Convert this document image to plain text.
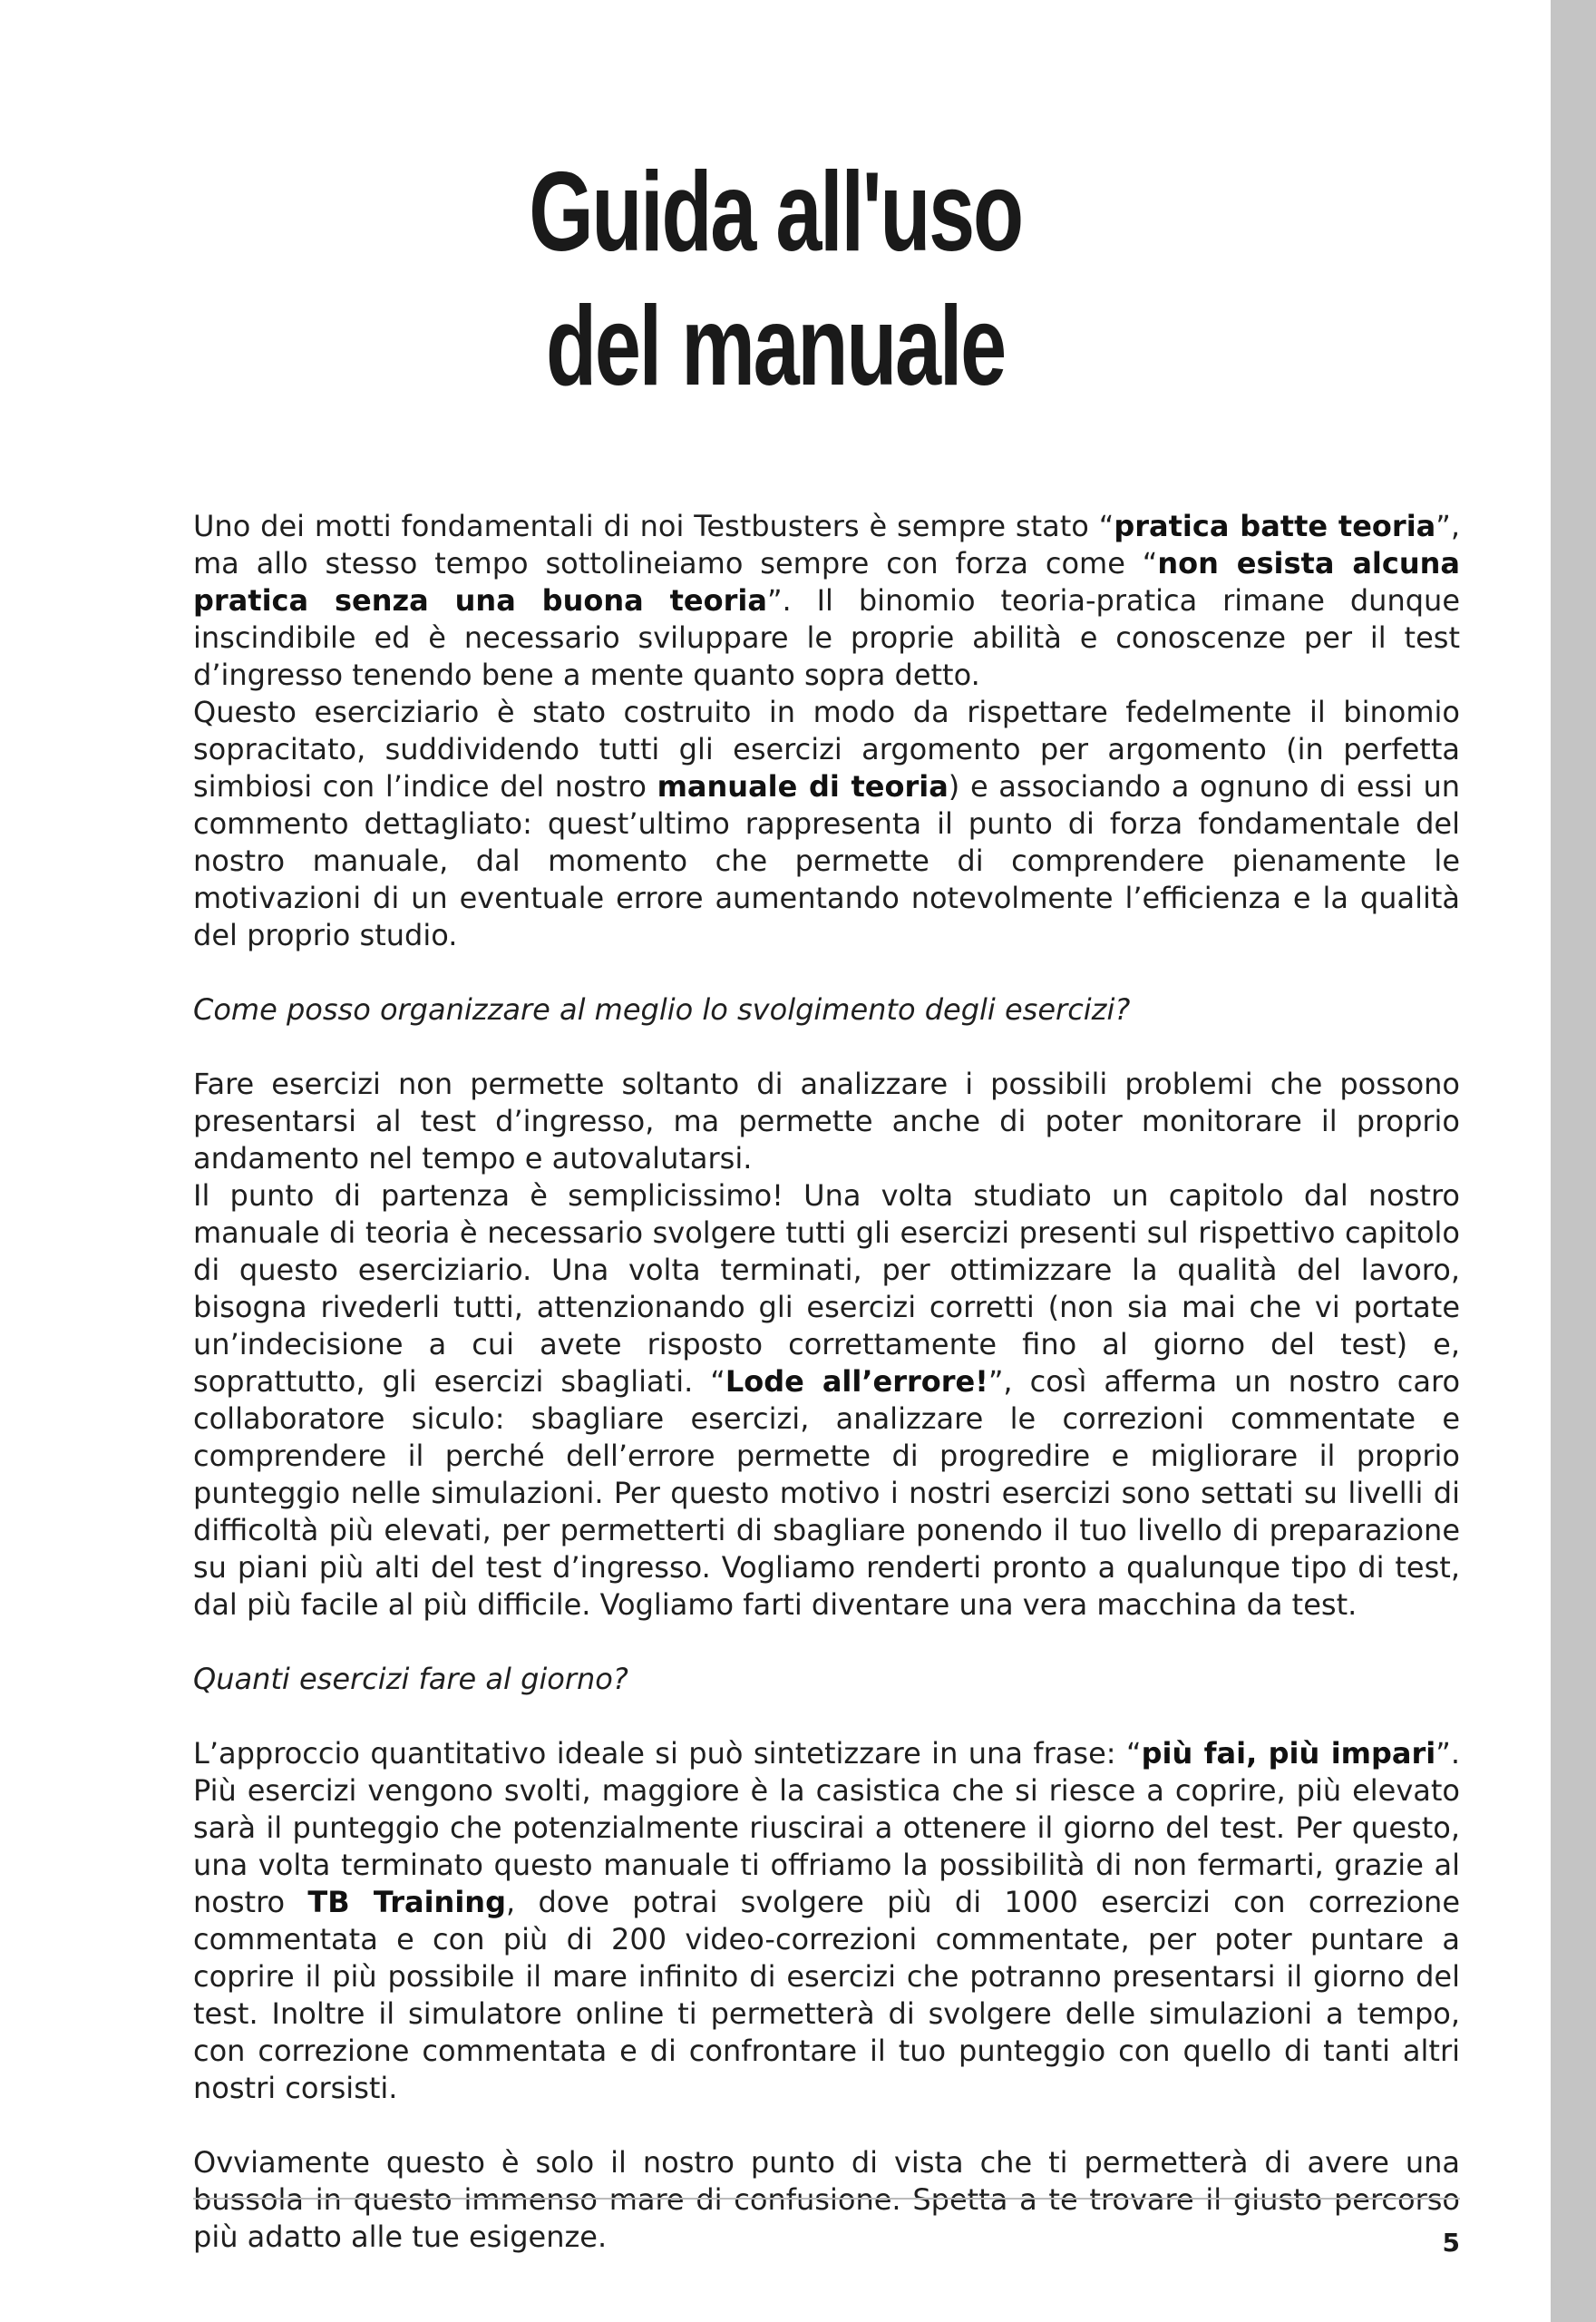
Guida all'uso
del manuale

Uno dei motti fondamentali di noi Testbusters è sempre stato “pratica batte teoria”, ma allo stesso tempo sottolineiamo sempre con forza come “non esista alcuna pratica senza una buona teoria”. Il binomio teoria-pratica rimane dunque inscindibile ed è necessario sviluppare le proprie abilità e conoscenze per il test d’ingresso tenendo bene a mente quanto sopra detto.

Questo eserciziario è stato costruito in modo da rispettare fedelmente il binomio sopracitato, suddividendo tutti gli esercizi argomento per argomento (in perfetta simbiosi con l’indice del nostro manuale di teoria) e associando a ognuno di essi un commento dettagliato: quest’ultimo rappresenta il punto di forza fondamentale del nostro manuale, dal momento che permette di comprendere pienamente le motivazioni di un eventuale errore aumentando notevolmente l’efficienza e la qualità del proprio studio.

Come posso organizzare al meglio lo svolgimento degli esercizi?

Fare esercizi non permette soltanto di analizzare i possibili problemi che possono presentarsi al test d’ingresso, ma permette anche di poter monitorare il proprio andamento nel tempo e autovalutarsi.

Il punto di partenza è semplicissimo! Una volta studiato un capitolo dal nostro manuale di teoria è necessario svolgere tutti gli esercizi presenti sul rispettivo capitolo di questo eserciziario. Una volta terminati, per ottimizzare la qualità del lavoro, bisogna rivederli tutti, attenzionando gli esercizi corretti (non sia mai che vi portate un’indecisione a cui avete risposto correttamente fino al giorno del test) e, soprattutto, gli esercizi sbagliati. “Lode all’errore!”, così afferma un nostro caro collaboratore siculo: sbagliare esercizi, analizzare le correzioni commentate e comprendere il perché dell’errore permette di progredire e migliorare il proprio punteggio nelle simulazioni. Per questo motivo i nostri esercizi sono settati su livelli di difficoltà più elevati, per permetterti di sbagliare ponendo il tuo livello di preparazione su piani più alti del test d’ingresso. Vogliamo renderti pronto a qualunque tipo di test, dal più facile al più difficile. Vogliamo farti diventare una vera macchina da test.

Quanti esercizi fare al giorno?

L’approccio quantitativo ideale si può sintetizzare in una frase: “più fai, più impari”. Più esercizi vengono svolti, maggiore è la casistica che si riesce a coprire, più elevato sarà il punteggio che potenzialmente riuscirai a ottenere il giorno del test. Per questo, una volta terminato questo manuale ti offriamo la possibilità di non fermarti, grazie al nostro TB Training, dove potrai svolgere più di 1000 esercizi con correzione commentata e con più di 200 video-correzioni commentate, per poter puntare a coprire il più possibile il mare infinito di esercizi che potranno presentarsi il giorno del test. Inoltre il simulatore online ti permetterà di svolgere delle simulazioni a tempo, con correzione commentata e di confrontare il tuo punteggio con quello di tanti altri nostri corsisti.

Ovviamente questo è solo il nostro punto di vista che ti permetterà di avere una bussola in questo immenso mare di confusione. Spetta a te trovare il giusto percorso più adatto alle tue esigenze.	5
